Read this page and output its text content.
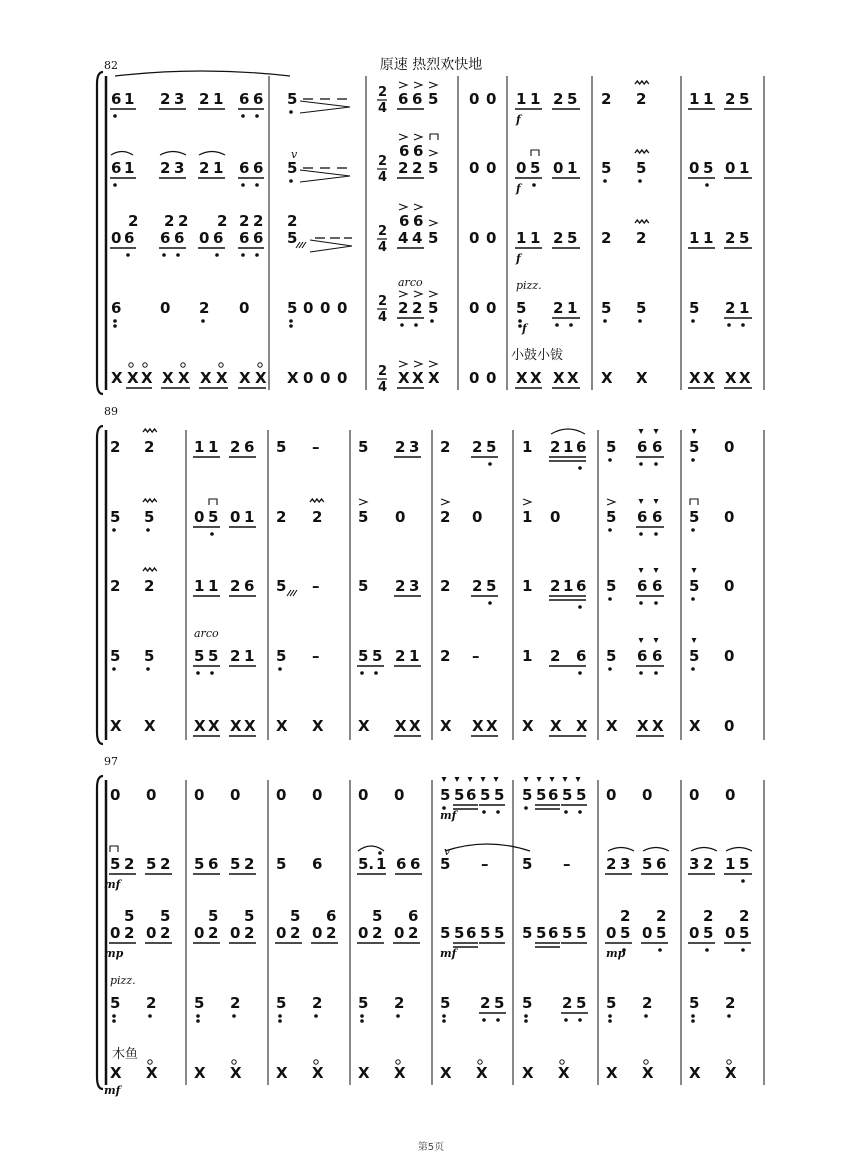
原速 热烈欢快地
82
89
97
第5页
6 1 2 3 2 1 6 6 5	2
4
6 6 5 0 0 1 1 2 5
f
2 2	1 1 2 5
6 1 2 3 2 1 6 6
v
5	2
4
6 6
2 2 5 0 0 0 5 0 1
f
5 5	0 5 0 1
2 2 2 2 2 2
0 6 6 6 0 6 6 6
2
5	2
4
6 6
4 4 5 0 0 1 1 2 5
f
2 2	1 1 2 5
6	0 2 0	5 0 0 0 2
4
arco
2 2 5 0 0
pizz.
5
f
2 1 5 5	5 2 1
X X X X X X X X X X 0 0 0 2
4
X X X 0 0
小鼓小钹
X X X X X X	X X X X
2 2
5 5
2 2
5 5
X X
1 1 2 6
1 1 2 6
0 5 0 1
arco
5 5 2 1
X X X X
5 –
2 2
5 –
5 –
X X
5 2 3
5 2 3
5 0
5 5 2 1
X X X
2 2 5
2 2 5
2 0
2 –
X X X
1 2 1 6
1 2 1 6
1 0
1 2 6
X X X
5 6 6
5 6 6
5 6 6
5 6 6
X X X
5 0
5 0
5 0
5 0
X 0
0 0	0 0 0 0 0 0	0 0 0 0
5 5 6 5 5 5 5 6 5 5
mf
5 2 5 2
mf
5 6 5 2 5 6 5. 1 6 6
v
5 – 5 – 2 3 5 6 3 2 1 5
5 5
0 2 0 2
5 5
0 2 0 2
5 6
0 2 0 2
5 6
0 2 0 2
mp
5 5 6 5 5 5 5 6 5 5
mf
2 2
0 5 0 5
2 2
0 5 0 5
mp
pizz.
5 2	5 2 5 2 5 2 5 2 5 5 2 5 5 2 5 2
木鱼
X X X X X X X X X X X X X X X X
mf
